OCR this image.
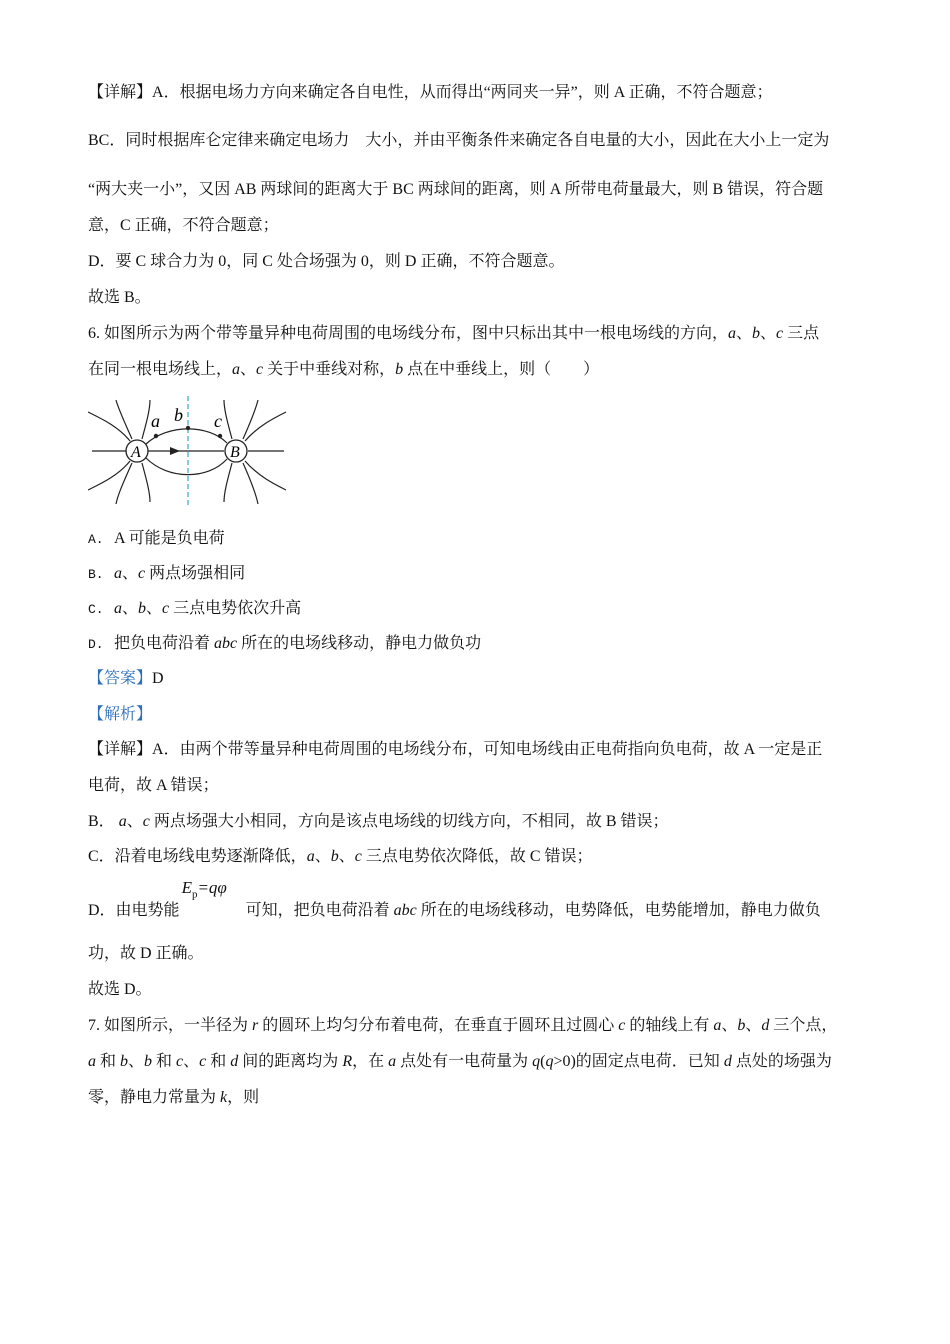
【详解】A．根据电场力方向来确定各自电性，从而得出“两同夹一异”，则 A 正确，不符合题意；
BC．同时根据库仑定律来确定电场力　大小，并由平衡条件来确定各自电量的大小，因此在大小上一定为
“两大夹一小”，又因 AB 两球间的距离大于 BC 两球间的距离，则 A 所带电荷量最大，则 B 错误，符合题
意，C 正确，不符合题意；
D．要 C 球合力为 0，同 C 处合场强为 0，则 D 正确，不符合题意。
故选 B。
6. 如图所示为两个带等量异种电荷周围的电场线分布，图中只标出其中一根电场线的方向，a、b、c 三点
在同一根电场线上，a、c 关于中垂线对称，b 点在中垂线上，则（　　）
A	B
a b c
A. A 可能是负电荷
B. a、c 两点场强相同
C. a、b、c 三点电势依次升高
D. 把负电荷沿着 abc 所在的电场线移动，静电力做负功
【答案】D
【解析】
【详解】A．由两个带等量异种电荷周围的电场线分布，可知电场线由正电荷指向负电荷，故 A 一定是正
电荷，故 A 错误；
B． a、c 两点场强大小相同，方向是该点电场线的切线方向，不相同，故 B 错误；
C．沿着电场线电势逐渐降低，a、b、c 三点电势依次降低，故 C 错误；
D．由电势能
$E_p=q\varphi$
可知，把负电荷沿着 abc 所在的电场线移动，电势降低，电势能增加，静电力做负
功，故 D 正确。
故选 D。
7. 如图所示，一半径为 r 的圆环上均匀分布着电荷，在垂直于圆环且过圆心 c 的轴线上有 a、b、d 三个点，
a 和 b、b 和 c、c 和 d 间的距离均为 R，在 a 点处有一电荷量为 q(q>0)的固定点电荷．已知 d 点处的场强为
零，静电力常量为 k，则
